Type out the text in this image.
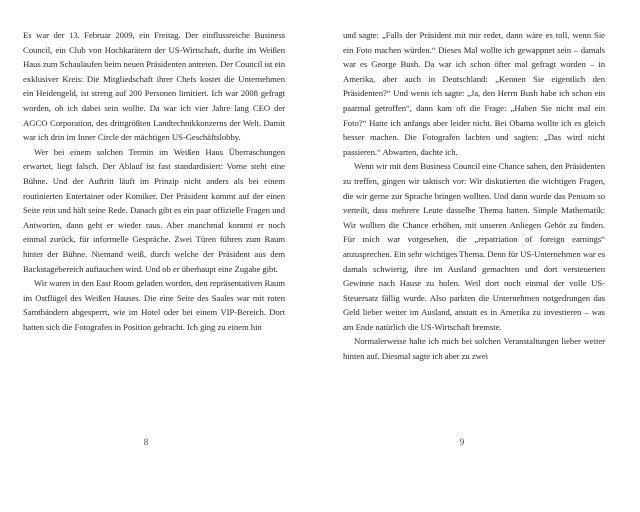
Es war der 13. Februar 2009, ein Freitag. Der einflussreiche Business Council, ein Club von Hochkarätern der US-Wirtschaft, durfte im Weißen Haus zum Schaulaufen beim neuen Präsidenten antreten. Der Council ist ein exklusiver Kreis: Die Mitgliedschaft ihrer Chefs kostet die Unternehmen ein Heidengeld, ist streng auf 200 Personen limitiert. Ich war 2008 gefragt worden, ob ich dabei sein wollte. Da war ich vier Jahre lang CEO der AGCO Corporation, des drittgrößten Landtechnikkonzerns der Welt. Damit war ich drin im Inner Circle der mächtigen US-Geschäftslobby.

Wer bei einem solchen Termin im Weißen Haus Überraschungen erwartet, liegt falsch. Der Ablauf ist fast standardisiert: Vorne steht eine Bühne. Und der Auftritt läuft im Prinzip nicht anders als bei einem routinierten Entertainer oder Komiker. Der Präsident kommt auf der einen Seite rein und hält seine Rede. Danach gibt es ein paar offizielle Fragen und Antworten, dann geht er wieder raus. Aber manchmal kommt er noch einmal zurück, für informelle Gespräche. Zwei Türen führen zum Raum hinter der Bühne. Niemand weiß, durch welche der Präsident aus dem Backstagebereich auftauchen wird. Und ob er überhaupt eine Zugabe gibt.

Wir waren in den East Room geladen worden, den repräsentativen Raum im Ostflügel des Weißen Hauses. Die eine Seite des Saales war mit roten Samtbändern abgesperrt, wie im Hotel oder bei einem VIP-Bereich. Dort hatten sich die Fotografen in Position gebracht. Ich ging zu einem hin

8

und sagte: „Falls der Präsident mit mir redet, dann wäre es toll, wenn Sie ein Foto machen würden.“ Dieses Mal wollte ich gewappnet sein – damals war es George Bush. Da war ich schon öfter mal gefragt worden – in Amerika, aber auch in Deutschland: „Kennen Sie eigentlich den Präsidenten?“ Und wenn ich sagte: „Ja, den Herrn Bush habe ich schon ein paarmal getroffen“, dann kam oft die Frage: „Haben Sie nicht mal ein Foto?“ Hatte ich anfangs aber leider nicht. Bei Obama wollte ich es gleich besser machen. Die Fotografen lachten und sagten: „Das wird nicht passieren.“ Abwarten, dachte ich.

Wenn wir mit dem Business Council eine Chance sahen, den Präsidenten zu treffen, gingen wir taktisch vor: Wir diskutierten die wichtigen Fragen, die wir gerne zur Sprache bringen wollten. Und dann wurde das Pensum so verteilt, dass mehrere Leute dasselbe Thema hatten. Simple Mathematik: Wir wollten die Chance erhöhen, mit unseren Anliegen Gehör zu finden. Für mich war vorgesehen, die „repatriation of foreign earnings“ anzusprechen. Ein sehr wichtiges Thema. Denn für US-Unternehmen war es damals schwierig, ihre im Ausland gemachten und dort versteuerten Gewinne nach Hause zu holen. Weil dort noch einmal der volle US-Steuersatz fällig wurde. Also parkten die Unternehmen notgedrungen das Geld lieber weiter im Ausland, anstatt es in Amerika zu investieren – was am Ende natürlich die US-Wirtschaft bremste.

Normalerweise halte ich mich bei solchen Veranstaltungen lieber weiter hinten auf. Diesmal sagte ich aber zu zwei

9
